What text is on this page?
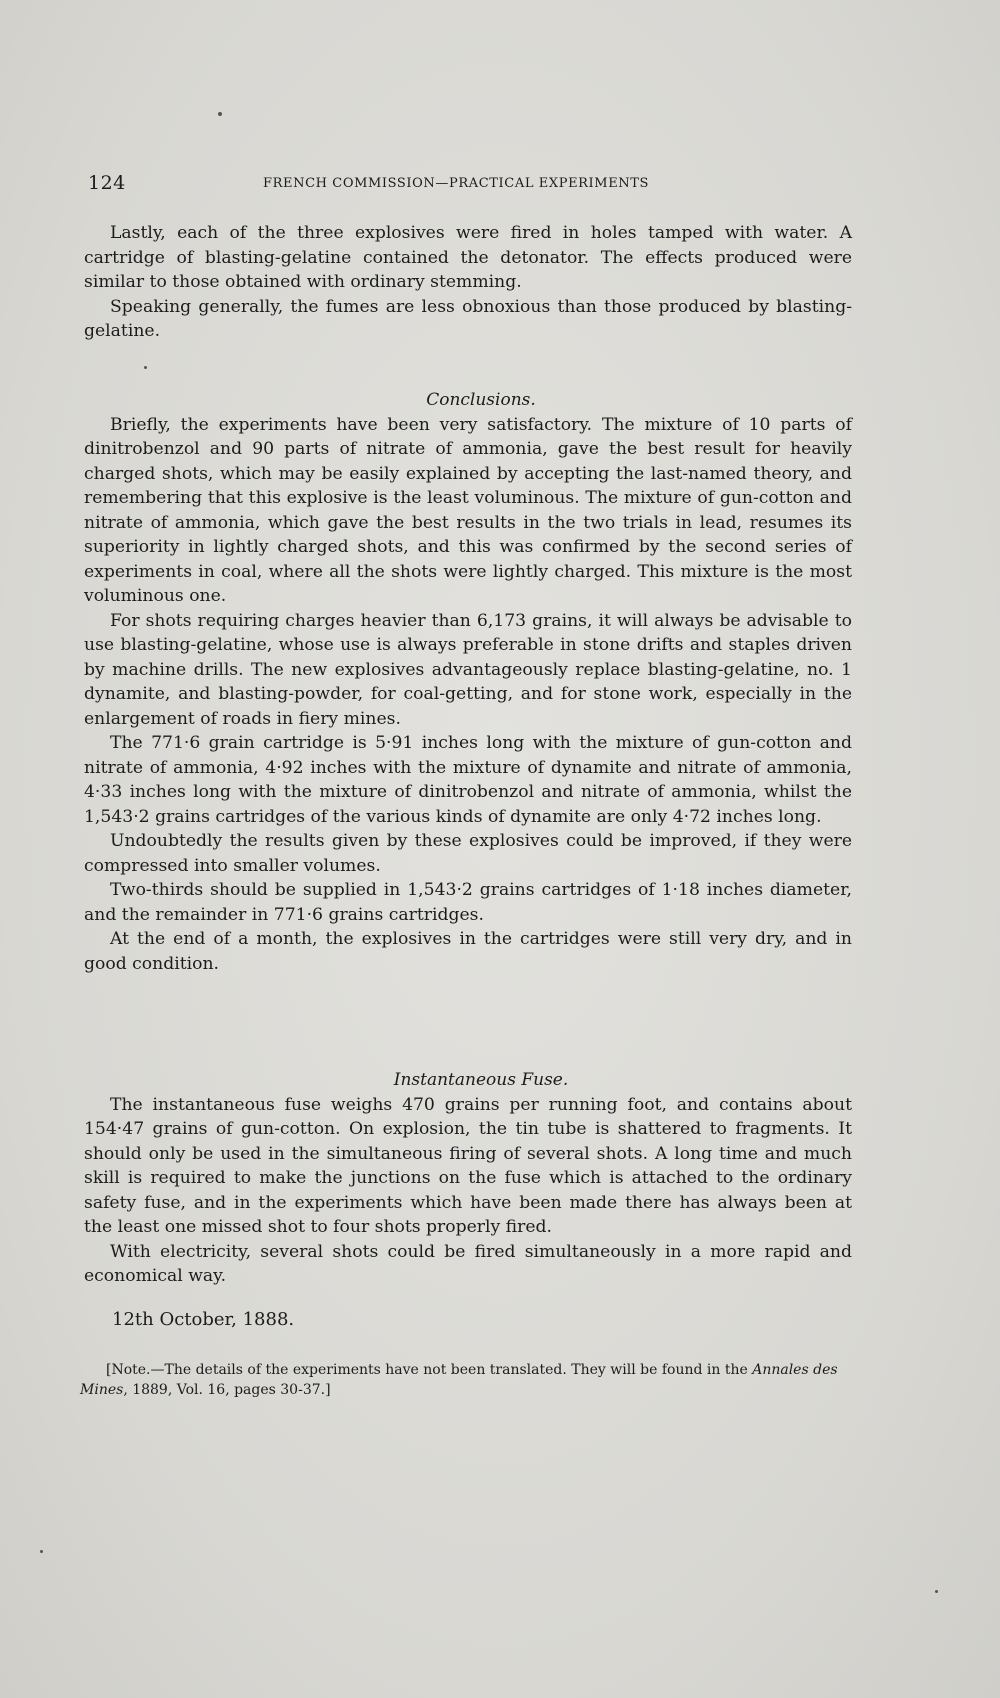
124	FRENCH COMMISSION—PRACTICAL EXPERIMENTS

Lastly, each of the three explosives were fired in holes tamped with water. A cartridge of blasting-gelatine contained the detonator. The effects produced were similar to those obtained with ordinary stemming.

Speaking generally, the fumes are less obnoxious than those produced by blasting-gelatine.

Conclusions.

Briefly, the experiments have been very satisfactory. The mixture of 10 parts of dinitrobenzol and 90 parts of nitrate of ammonia, gave the best result for heavily charged shots, which may be easily explained by accepting the last-named theory, and remembering that this explosive is the least voluminous. The mixture of gun-cotton and nitrate of ammonia, which gave the best results in the two trials in lead, resumes its superiority in lightly charged shots, and this was confirmed by the second series of experiments in coal, where all the shots were lightly charged. This mixture is the most voluminous one.

For shots requiring charges heavier than 6,173 grains, it will always be advisable to use blasting-gelatine, whose use is always preferable in stone drifts and staples driven by machine drills. The new explosives advantageously replace blasting-gelatine, no. 1 dynamite, and blasting-powder, for coal-getting, and for stone work, especially in the enlargement of roads in fiery mines.

The 771·6 grain cartridge is 5·91 inches long with the mixture of gun-cotton and nitrate of ammonia, 4·92 inches with the mixture of dynamite and nitrate of ammonia, 4·33 inches long with the mixture of dinitrobenzol and nitrate of ammonia, whilst the 1,543·2 grains cartridges of the various kinds of dynamite are only 4·72 inches long.

Undoubtedly the results given by these explosives could be improved, if they were compressed into smaller volumes.

Two-thirds should be supplied in 1,543·2 grains cartridges of 1·18 inches diameter, and the remainder in 771·6 grains cartridges.

At the end of a month, the explosives in the cartridges were still very dry, and in good condition.

Instantaneous Fuse.

The instantaneous fuse weighs 470 grains per running foot, and contains about 154·47 grains of gun-cotton. On explosion, the tin tube is shattered to fragments. It should only be used in the simultaneous firing of several shots. A long time and much skill is required to make the junctions on the fuse which is attached to the ordinary safety fuse, and in the experiments which have been made there has always been at the least one missed shot to four shots properly fired.

With electricity, several shots could be fired simultaneously in a more rapid and economical way.

12th October, 1888.
[Note.—The details of the experiments have not been translated. They will be found in the Annales des Mines, 1889, Vol. 16, pages 30-37.]
